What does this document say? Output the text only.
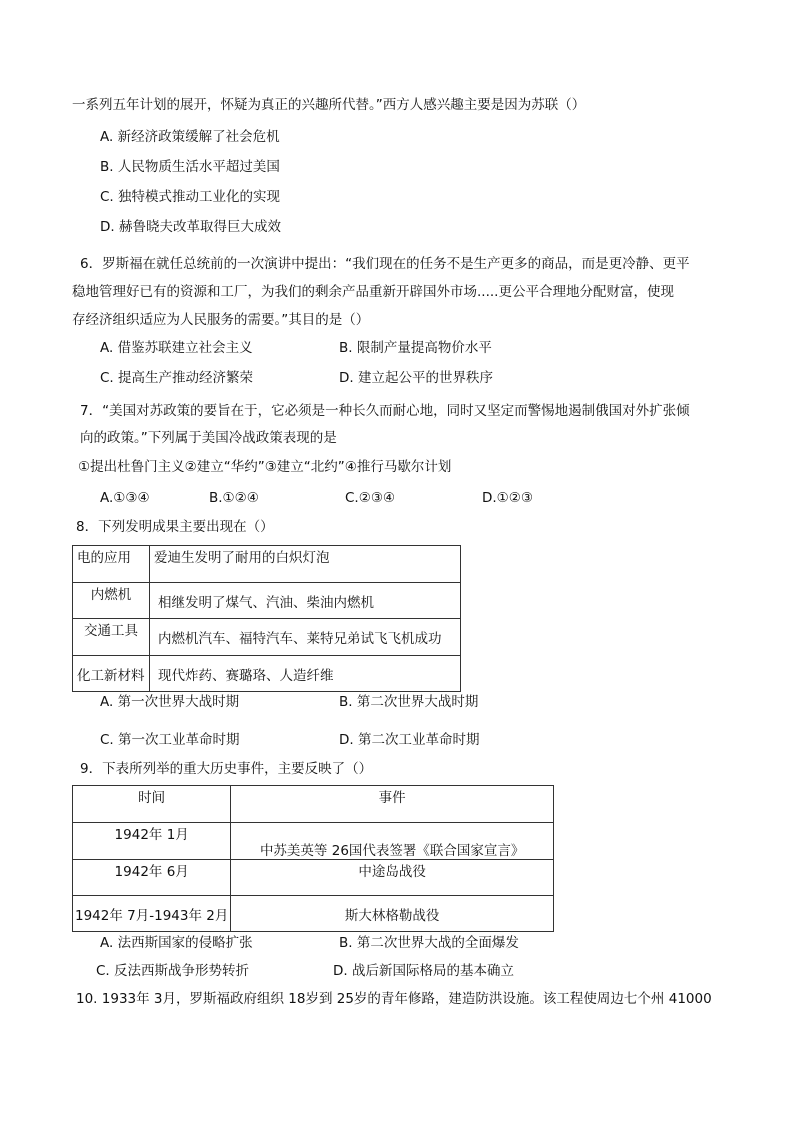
一系列五年计划的展开，怀疑为真正的兴趣所代替。”西方人感兴趣主要是因为苏联（）
A. 新经济政策缓解了社会危机
B. 人民物质生活水平超过美国
C. 独特模式推动工业化的实现
D. 赫鲁晓夫改革取得巨大成效
6．罗斯福在就任总统前的一次演讲中提出：“我们现在的任务不是生产更多的商品，而是更冷静、更平
稳地管理好已有的资源和工厂，为我们的剩余产品重新开辟国外市场.....更公平合理地分配财富，使现
存经济组织适应为人民服务的需要。”其目的是（）
A. 借鉴苏联建立社会主义	B. 限制产量提高物价水平
C. 提高生产推动经济繁荣	D. 建立起公平的世界秩序
7．“美国对苏政策的要旨在于，它必须是一种长久而耐心地，同时又坚定而警惕地遏制俄国对外扩张倾
向的政策。”下列属于美国冷战政策表现的是
①提出杜鲁门主义②建立“华约”③建立“北约”④推行马歇尔计划
A.①③④	B.①②④	C.②③④	D.①②③
8．下列发明成果主要出现在（）
电的应用	爱迪生发明了耐用的白炽灯泡
内燃机	相继发明了煤气、汽油、柴油内燃机
交通工具	内燃机汽车、福特汽车、莱特兄弟试飞飞机成功
化工新材料	现代炸药、赛璐珞、人造纤维
A. 第一次世界大战时期	B. 第二次世界大战时期
C. 第一次工业革命时期	D. 第二次工业革命时期
9．下表所列举的重大历史事件，主要反映了（）
时间	事件
1942年 1月	中苏美英等 26国代表签署《联合国家宣言》
1942年 6月	中途岛战役
1942年 7月-1943年 2月	斯大林格勒战役
A. 法西斯国家的侵略扩张	B. 第二次世界大战的全面爆发
C. 反法西斯战争形势转折	D. 战后新国际格局的基本确立
10. 1933年 3月，罗斯福政府组织 18岁到 25岁的青年修路，建造防洪设施。该工程使周边七个州 41000
